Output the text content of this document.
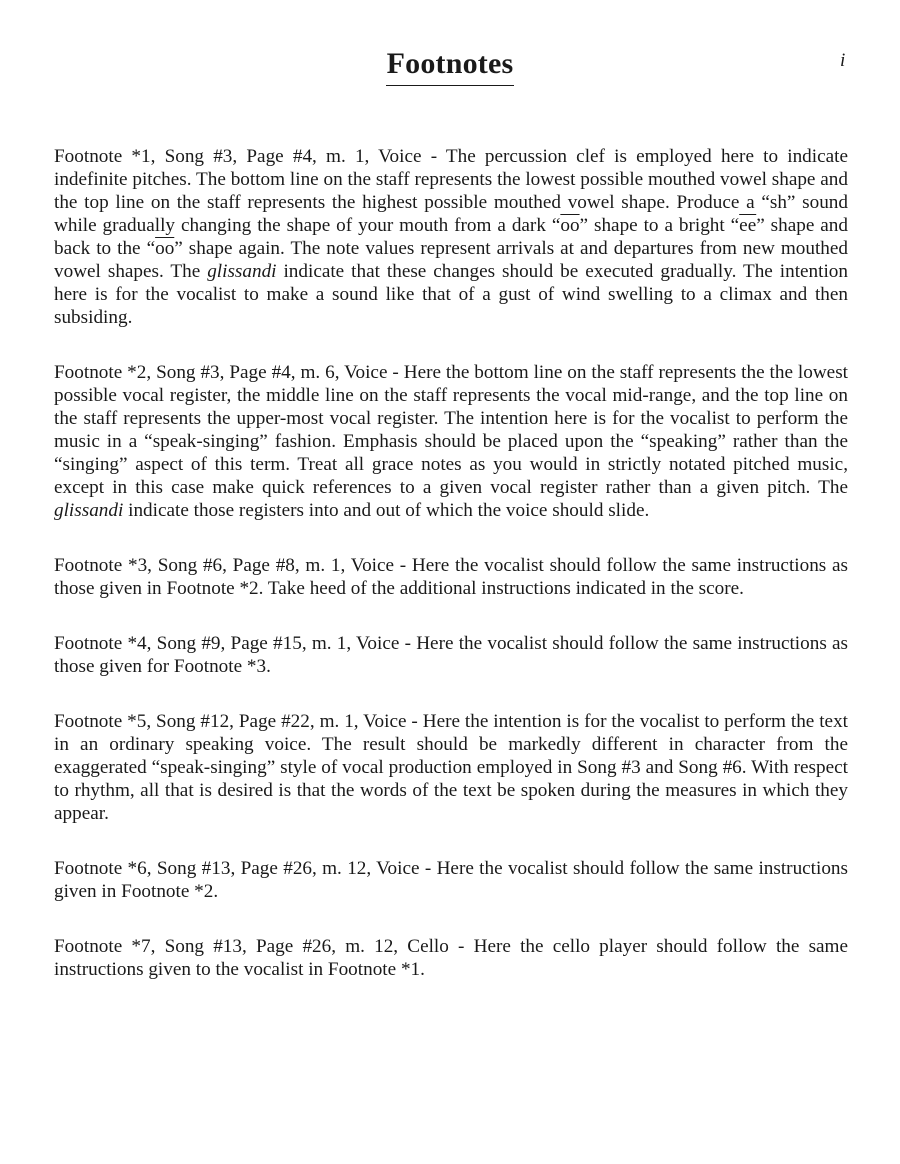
Footnotes	i

Footnote *1, Song #3, Page #4, m. 1, Voice - The percussion clef is employed here to indicate indefinite pitches. The bottom line on the staff represents the lowest possible mouthed vowel shape and the top line on the staff represents the highest possible mouthed vowel shape. Produce a “sh” sound while gradually changing the shape of your mouth from a dark “$\overline{oo}$” shape to a bright “$\overline{ee}$” shape and back to the “$\overline{oo}$” shape again. The note values represent arrivals at and departures from new mouthed vowel shapes. The glissandi indicate that these changes should be executed gradually. The intention here is for the vocalist to make a sound like that of a gust of wind swelling to a climax and then subsiding.

Footnote *2, Song #3, Page #4, m. 6, Voice - Here the bottom line on the staff represents the the lowest possible vocal register, the middle line on the staff represents the vocal mid-range, and the top line on the staff represents the upper-most vocal register. The intention here is for the vocalist to perform the music in a “speak-singing” fashion. Emphasis should be placed upon the “speaking” rather than the “singing” aspect of this term. Treat all grace notes as you would in strictly notated pitched music, except in this case make quick references to a given vocal register rather than a given pitch. The glissandi indicate those registers into and out of which the voice should slide.

Footnote *3, Song #6, Page #8, m. 1, Voice - Here the vocalist should follow the same instructions as those given in Footnote *2. Take heed of the additional instructions indicated in the score.

Footnote *4, Song #9, Page #15, m. 1, Voice - Here the vocalist should follow the same instructions as those given for Footnote *3.

Footnote *5, Song #12, Page #22, m. 1, Voice - Here the intention is for the vocalist to perform the text in an ordinary speaking voice. The result should be markedly different in character from the exaggerated “speak-singing” style of vocal production employed in Song #3 and Song #6. With respect to rhythm, all that is desired is that the words of the text be spoken during the measures in which they appear.

Footnote *6, Song #13, Page #26, m. 12, Voice - Here the vocalist should follow the same instructions given in Footnote *2.

Footnote *7, Song #13, Page #26, m. 12, Cello - Here the cello player should follow the same instructions given to the vocalist in Footnote *1.
